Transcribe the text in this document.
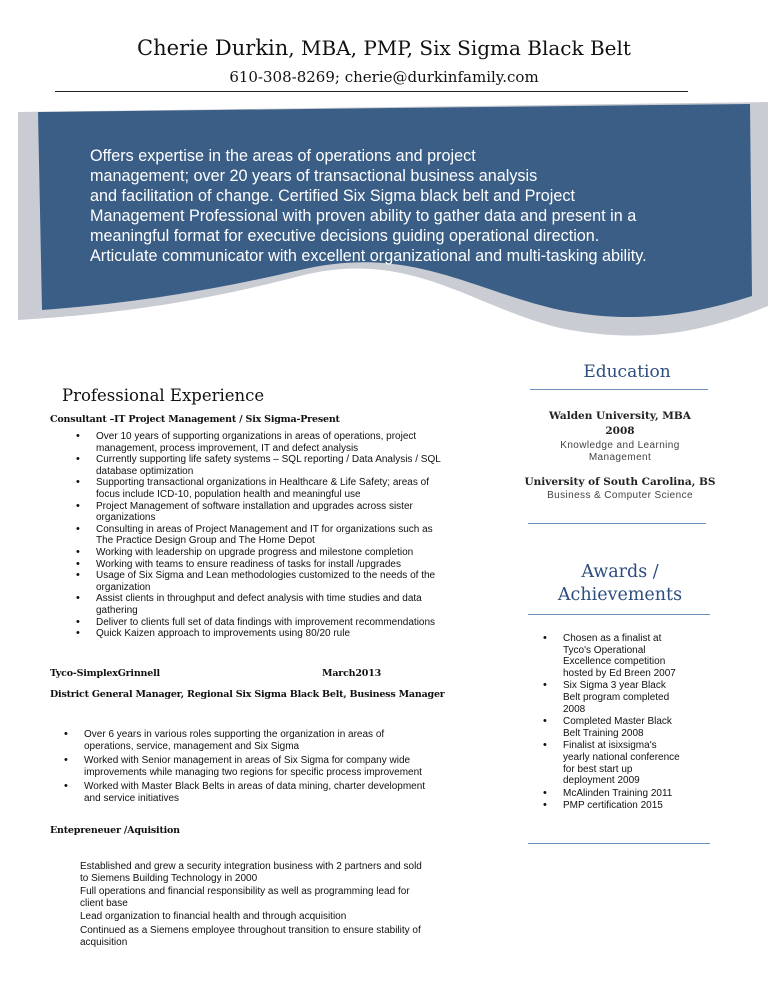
Cherie Durkin, MBA, PMP, Six Sigma Black Belt
610-308-8269; cherie@durkinfamily.com

Offers expertise in the areas of operations and project

management; over 20 years of transactional business analysis

and facilitation of change. Certified Six Sigma black belt and Project

Management Professional with proven ability to gather data and present in a

meaningful format for executive decisions guiding operational direction.

Articulate communicator with excellent organizational and multi-tasking ability.

Professional Experience
Consultant –IT Project Management / Six Sigma-Present
• Over 10 years of supporting organizations in areas of operations, project
management, process improvement, IT and defect analysis
• Currently supporting life safety systems – SQL reporting / Data Analysis / SQL
database optimization
• Supporting transactional organizations in Healthcare & Life Safety; areas of
focus include ICD-10, population health and meaningful use
• Project Management of software installation and upgrades across sister
organizations
• Consulting in areas of Project Management and IT for organizations such as
The Practice Design Group and The Home Depot
• Working with leadership on upgrade progress and milestone completion
• Working with teams to ensure readiness of tasks for install /upgrades
• Usage of Six Sigma and Lean methodologies customized to the needs of the
organization
• Assist clients in throughput and defect analysis with time studies and data
gathering
• Deliver to clients full set of data findings with improvement recommendations
• Quick Kaizen approach to improvements using 80/20 rule
Tyco-SimplexGrinnell	March2013
District General Manager, Regional Six Sigma Black Belt, Business Manager
• Over 6 years in various roles supporting the organization in areas of
operations, service, management and Six Sigma
• Worked with Senior management in areas of Six Sigma for company wide
improvements while managing two regions for specific process improvement
• Worked with Master Black Belts in areas of data mining, charter development
and service initiatives
Entepreneuer /Aquisition
• Established and grew a security integration business with 2 partners and sold
to Siemens Building Technology in 2000
• Full operations and financial responsibility as well as programming lead for
client base
• Lead organization to financial health and through acquisition
• Continued as a Siemens employee throughout transition to ensure stability of
acquisition
Education
Walden University, MBA
2008
Knowledge and Learning
Management
University of South Carolina, BS
Business & Computer Science
Awards /
Achievements
• Chosen as a finalist at
Tyco's Operational
Excellence competition
hosted by Ed Breen 2007
• Six Sigma 3 year Black
Belt program completed
2008
• Completed Master Black
Belt Training 2008
• Finalist at isixsigma's
yearly national conference
for best start up
deployment 2009
• McAlinden Training 2011
• PMP certification 2015
